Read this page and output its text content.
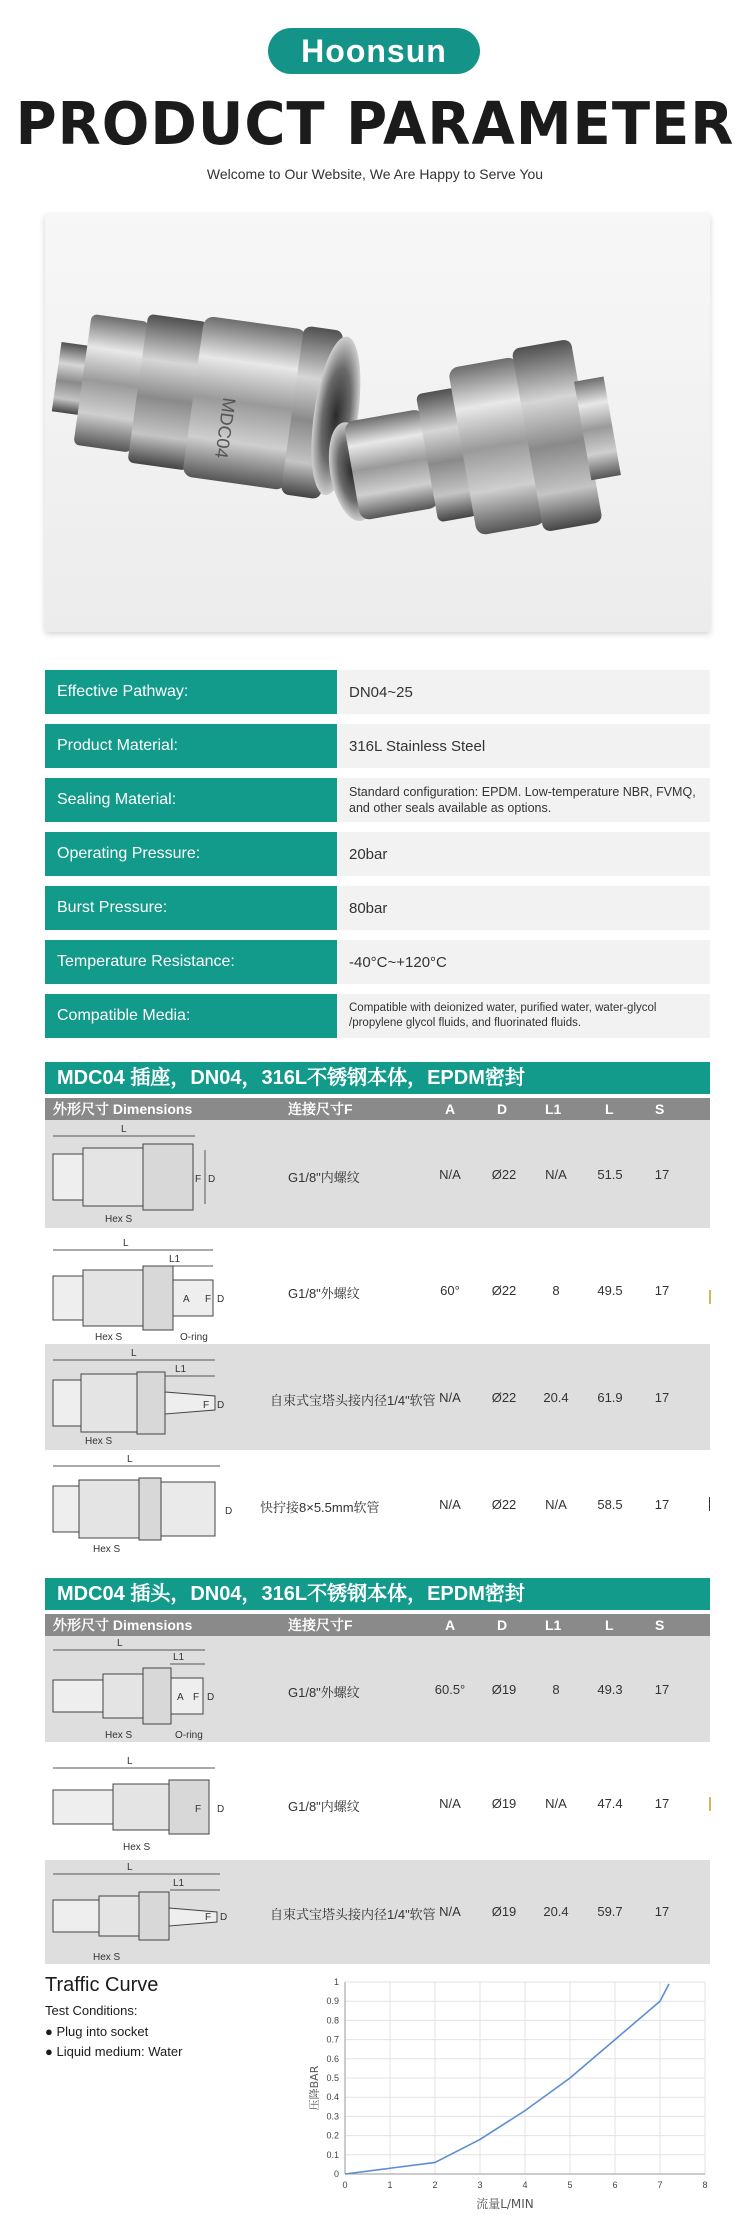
Hoonsun
PRODUCT PARAMETER
Welcome to Our Website, We Are Happy to Serve You
MDC04
Effective Pathway:	DN04~25
Product Material:	316L Stainless Steel
Sealing Material:	Standard configuration: EPDM. Low-temperature NBR, FVMQ, and other seals available as options.
Operating Pressure:	20bar
Burst Pressure:	80bar
Temperature Resistance:	-40°C~+120°C
Compatible Media:	Compatible with deionized water, purified water, water-glycol /propylene glycol fluids, and fluorinated fluids.
MDC04 插座，DN04，316L不锈钢本体，EPDM密封
外形尺寸 Dimensions	连接尺寸F	A	D	L1	L	S
L
F D
Hex S
G1/8"内螺纹	N/A Ø22 N/A 51.5 17
L
L1
A F D
Hex S	O-ring
G1/8"外螺纹	60° Ø22	8	49.5 17
L
L1
F D
Hex S
自束式宝塔头接内径1/4"软管 N/A Ø22 20.4 61.9 17
L
D
Hex S
快拧接8×5.5mm软管	N/A Ø22 N/A 58.5 17
MDC04 插头，DN04，316L不锈钢本体，EPDM密封
外形尺寸 Dimensions	连接尺寸F	A	D	L1	L	S
L
L1
A F D
Hex S	O-ring
G1/8"外螺纹	60.5° Ø19	8	49.3 17
L
F D
Hex S
G1/8"内螺纹	N/A Ø19 N/A 47.4 17
L
L1
F D
Hex S
自束式宝塔头接内径1/4"软管 N/A Ø19 20.4 59.7 17
Traffic Curve
Test Conditions:
● Plug into socket
● Liquid medium: Water
0	1	2	3	4	5	6	7	8
0
0.1
0.2
0.3
0.4
0.5
0.6
0.7
0.8
0.9
1
流量L/MIN
压降BAR
